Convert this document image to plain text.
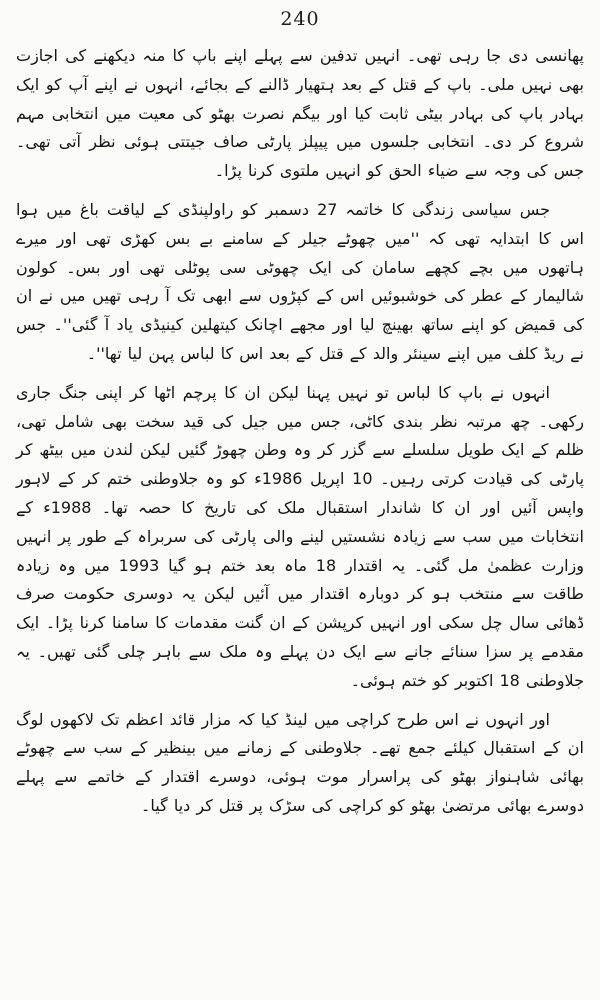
240

پھانسی دی جا رہی تھی۔ انہیں تدفین سے پہلے اپنے باپ کا منہ دیکھنے کی اجازت بھی نہیں ملی۔ باپ کے قتل کے بعد ہتھیار ڈالنے کے بجائے، انہوں نے اپنے آپ کو ایک بہادر باپ کی بہادر بیٹی ثابت کیا اور بیگم نصرت بھٹو کی معیت میں انتخابی مہم شروع کر دی۔ انتخابی جلسوں میں پیپلز پارٹی صاف جیتتی ہوئی نظر آتی تھی۔ جس کی وجہ سے ضیاء الحق کو انہیں ملتوی کرنا پڑا۔

جس سیاسی زندگی کا خاتمہ 27 دسمبر کو راولپنڈی کے لیاقت باغ میں ہوا اس کا ابتدایہ تھی کہ ''میں چھوٹے جیلر کے سامنے بے بس کھڑی تھی اور میرے ہاتھوں میں بچے کچھے سامان کی ایک چھوٹی سی پوٹلی تھی اور بس۔ کولون شالیمار کے عطر کی خوشبوئیں اس کے کپڑوں سے ابھی تک آ رہی تھیں میں نے ان کی قمیض کو اپنے ساتھ بھینچ لیا اور مجھے اچانک کیتھلین کینیڈی یاد آ گئی''۔ جس نے ریڈ کلف میں اپنے سینئر والد کے قتل کے بعد اس کا لباس پہن لیا تھا''۔

انہوں نے باپ کا لباس تو نہیں پہنا لیکن ان کا پرچم اٹھا کر اپنی جنگ جاری رکھی۔ چھ مرتبہ نظر بندی کاٹی، جس میں جیل کی قید سخت بھی شامل تھی، ظلم کے ایک طویل سلسلے سے گزر کر وہ وطن چھوڑ گئیں لیکن لندن میں بیٹھ کر پارٹی کی قیادت کرتی رہیں۔ 10 اپریل 1986ء کو وہ جلاوطنی ختم کر کے لاہور واپس آئیں اور ان کا شاندار استقبال ملک کی تاریخ کا حصہ تھا۔ 1988ء کے انتخابات میں سب سے زیادہ نشستیں لینے والی پارٹی کی سربراہ کے طور پر انہیں وزارت عظمیٰ مل گئی۔ یہ اقتدار 18 ماہ بعد ختم ہو گیا 1993 میں وہ زیادہ طاقت سے منتخب ہو کر دوبارہ اقتدار میں آئیں لیکن یہ دوسری حکومت صرف ڈھائی سال چل سکی اور انہیں کرپشن کے ان گنت مقدمات کا سامنا کرنا پڑا۔ ایک مقدمے پر سزا سنائے جانے سے ایک دن پہلے وہ ملک سے باہر چلی گئی تھیں۔ یہ جلاوطنی 18 اکتوبر کو ختم ہوئی۔

اور انہوں نے اس طرح کراچی میں لینڈ کیا کہ مزار قائد اعظم تک لاکھوں لوگ ان کے استقبال کیلئے جمع تھے۔ جلاوطنی کے زمانے میں بینظیر کے سب سے چھوٹے بھائی شاہنواز بھٹو کی پراسرار موت ہوئی، دوسرے اقتدار کے خاتمے سے پہلے دوسرے بھائی مرتضیٰ بھٹو کو کراچی کی سڑک پر قتل کر دیا گیا۔
